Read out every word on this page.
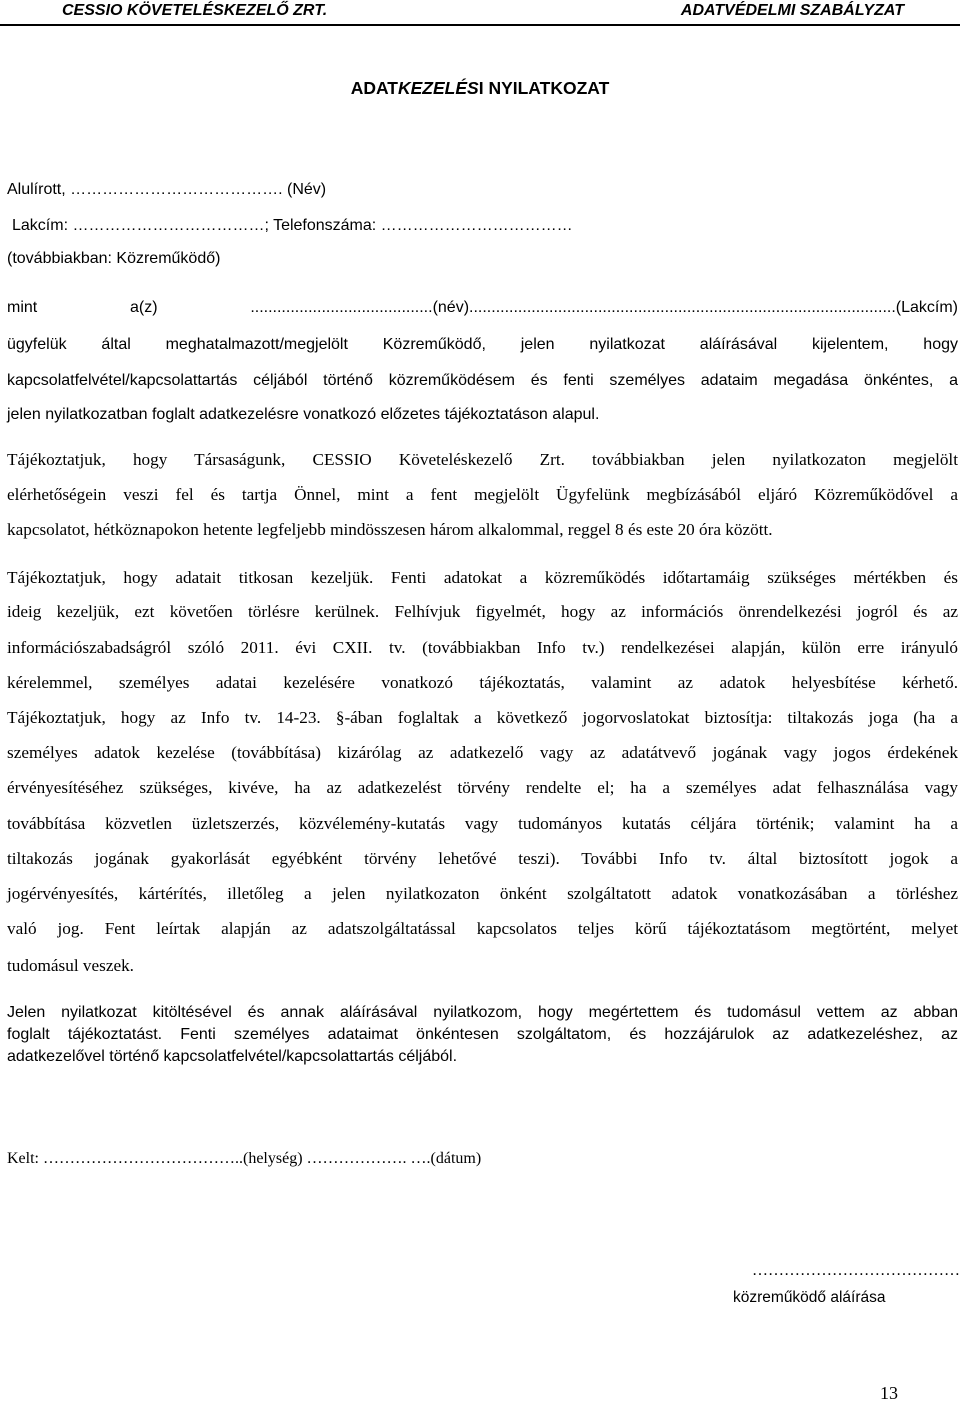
CESSIO KÖVETELÉSKEZELŐ ZRT.	ADATVÉDELMI SZABÁLYZAT
ADATKEZELÉSI NYILATKOZAT
Alulírott, …………………………………. (Név)
Lakcím: ………………………………; Telefonszáma: ………………………………
(továbbiakban: Közreműködő)
mint a(z) .........................................(név)................................................................................................(Lakcím)
ügyfelük által meghatalmazott/megjelölt Közreműködő, jelen nyilatkozat aláírásával kijelentem, hogy
kapcsolatfelvétel/kapcsolattartás céljából történő közreműködésem és fenti személyes adataim megadása önkéntes, a
jelen nyilatkozatban foglalt adatkezelésre vonatkozó előzetes tájékoztatáson alapul.
Tájékoztatjuk, hogy Társaságunk, CESSIO Követeléskezelő Zrt. továbbiakban jelen nyilatkozaton megjelölt
elérhetőségein veszi fel és tartja Önnel, mint a fent megjelölt Ügyfelünk megbízásából eljáró Közreműködővel a
kapcsolatot, hétköznapokon hetente legfeljebb mindösszesen három alkalommal, reggel 8 és este 20 óra között.
Tájékoztatjuk, hogy adatait titkosan kezeljük. Fenti adatokat a közreműködés időtartamáig szükséges mértékben és
ideig kezeljük, ezt követően törlésre kerülnek. Felhívjuk figyelmét, hogy az információs önrendelkezési jogról és az
információszabadságról szóló 2011. évi CXII. tv. (továbbiakban Info tv.) rendelkezései alapján, külön erre irányuló
kérelemmel, személyes adatai kezelésére vonatkozó tájékoztatás, valamint az adatok helyesbítése kérhető.
Tájékoztatjuk, hogy az Info tv. 14-23. §-ában foglaltak a következő jogorvoslatokat biztosítja: tiltakozás joga (ha a
személyes adatok kezelése (továbbítása) kizárólag az adatkezelő vagy az adatátvevő jogának vagy jogos érdekének
érvényesítéséhez szükséges, kivéve, ha az adatkezelést törvény rendelte el; ha a személyes adat felhasználása vagy
továbbítása közvetlen üzletszerzés, közvélemény-kutatás vagy tudományos kutatás céljára történik; valamint ha a
tiltakozás jogának gyakorlását egyébként törvény lehetővé teszi). További Info tv. által biztosított jogok a
jogérvényesítés, kártérítés, illetőleg a jelen nyilatkozaton önként szolgáltatott adatok vonatkozásában a törléshez
való jog. Fent leírtak alapján az adatszolgáltatással kapcsolatos teljes körű tájékoztatásom megtörtént, melyet
tudomásul veszek.
Jelen nyilatkozat kitöltésével és annak aláírásával nyilatkozom, hogy megértettem és tudomásul vettem az abban
foglalt tájékoztatást. Fenti személyes adataimat önkéntesen szolgáltatom, és hozzájárulok az adatkezeléshez, az
adatkezelővel történő kapcsolatfelvétel/kapcsolattartás céljából.
Kelt: ………………………………..(helység) ………………. ….(dátum)
…………………………………
közreműködő aláírása
13
